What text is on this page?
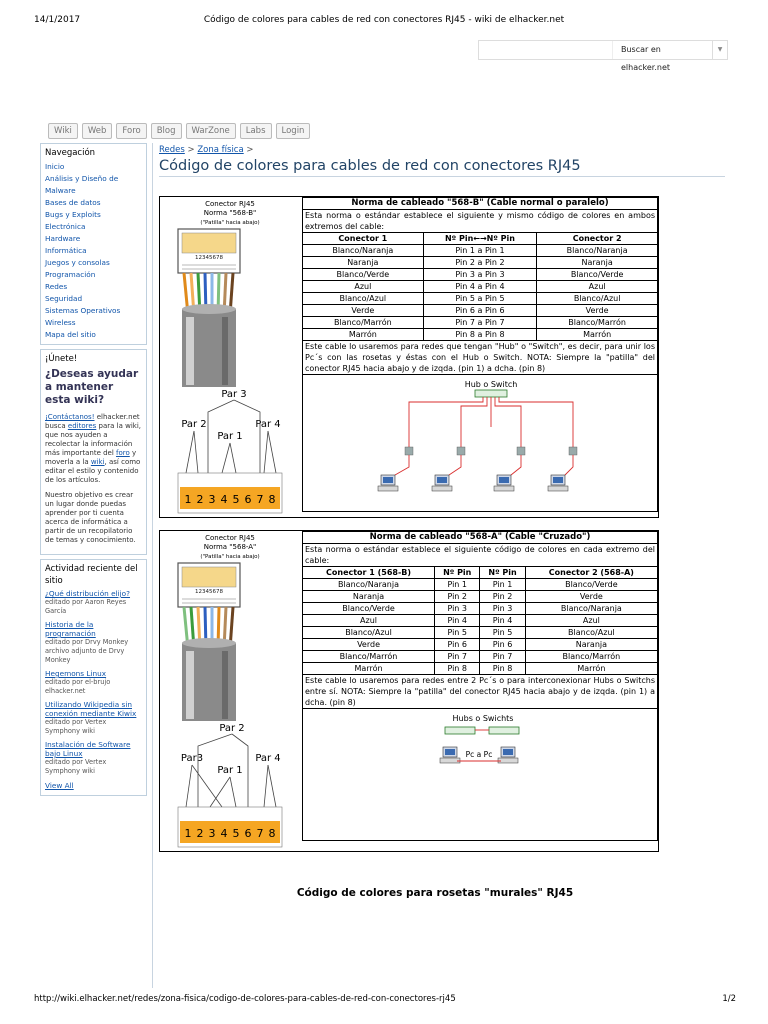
14/1/2017	Código de colores para cables de red con conectores RJ45 - wiki de elhacker.net
Buscar en elhacker.net
▼
Wiki	Web	Foro	Blog	WarZone	Labs	Login
Navegación
Inicio
Análisis y Diseño de Malware
Bases de datos
Bugs y Exploits
Electrónica
Hardware
Informática
Juegos y consolas
Programación
Redes
Seguridad
Sistemas Operativos
Wireless
Mapa del sitio
¡Únete!
¿Deseas ayudar a mantener esta wiki?

¡Contáctanos! elhacker.net busca editores para la wiki, que nos ayuden a recolectar la información más importante del foro y moverla a la wiki, así como editar el estilo y contenido de los artículos.

Nuestro objetivo es crear un lugar donde puedas aprender por ti cuenta acerca de informática a partir de un recopilatorio de temas y conocimiento.

Actividad reciente del sitio
¿Qué distribución elijo?
editado por Aaron Reyes García
Historia de la programación
editado por Drvy Monkey archivo adjunto de Drvy Monkey
Hegemons Linux
editado por el-brujo elhacker.net
Utilizando Wikipedia sin conexión mediante Kiwix
editado por Vertex Symphony wiki
Instalación de Software bajo Linux
editado por Vertex Symphony wiki
View All
Redes > Zona física >
Código de colores para cables de red con conectores RJ45
Conector RJ45
Norma "568-B"
("Patilla" hacia abajo)
12345678
Par 3
Par 2
Par 1
Par 4
1 2 3 4 5 6 7 8
Norma de cableado "568-B" (Cable normal o paralelo)		
Esta norma o estándar establece el siguiente y mismo código de colores en ambos extremos del cable:		
Conector 1	Nº Pin←→Nº Pin	Conector 2
Blanco/Naranja	Pin 1 a Pin 1	Blanco/Naranja
Naranja	Pin 2 a Pin 2	Naranja
Blanco/Verde	Pin 3 a Pin 3	Blanco/Verde
Azul	Pin 4 a Pin 4	Azul
Blanco/Azul	Pin 5 a Pin 5	Blanco/Azul
Verde	Pin 6 a Pin 6	Verde
Blanco/Marrón	Pin 7 a Pin 7	Blanco/Marrón
Marrón	Pin 8 a Pin 8	Marrón
Este cable lo usaremos para redes que tengan "Hub" o "Switch", es decir, para unir los Pc´s con las rosetas y éstas con el Hub o Switch. NOTA: Siempre la "patilla" del conector RJ45 hacia abajo y de izqda. (pin 1) a dcha. (pin 8)		

Hub o Switch		
Conector RJ45
Norma "568-A"
("Patilla" hacia abajo)
12345678
Par 2
Par3
Par 1
Par 4
1 2 3 4 5 6 7 8
Norma de cableado "568-A" (Cable "Cruzado")			
Esta norma o estándar establece el siguiente código de colores en cada extremo del cable:			
Conector 1 (568-B)	Nº Pin	Nº Pin	Conector 2 (568-A)
Blanco/Naranja	Pin 1	Pin 1	Blanco/Verde
Naranja	Pin 2	Pin 2	Verde
Blanco/Verde	Pin 3	Pin 3	Blanco/Naranja
Azul	Pin 4	Pin 4	Azul
Blanco/Azul	Pin 5	Pin 5	Blanco/Azul
Verde	Pin 6	Pin 6	Naranja
Blanco/Marrón	Pin 7	Pin 7	Blanco/Marrón
Marrón	Pin 8	Pin 8	Marrón
Este cable lo usaremos para redes entre 2 Pc´s o para interconexionar Hubs o Switchs entre sí. NOTA: Siempre la "patilla" del conector RJ45 hacia abajo y de izqda. (pin 1) a dcha. (pin 8)			

Hubs o Swichts
Pc a Pc			
Código de colores para rosetas "murales" RJ45
http://wiki.elhacker.net/redes/zona-fisica/codigo-de-colores-para-cables-de-red-con-conectores-rj45	1/2
